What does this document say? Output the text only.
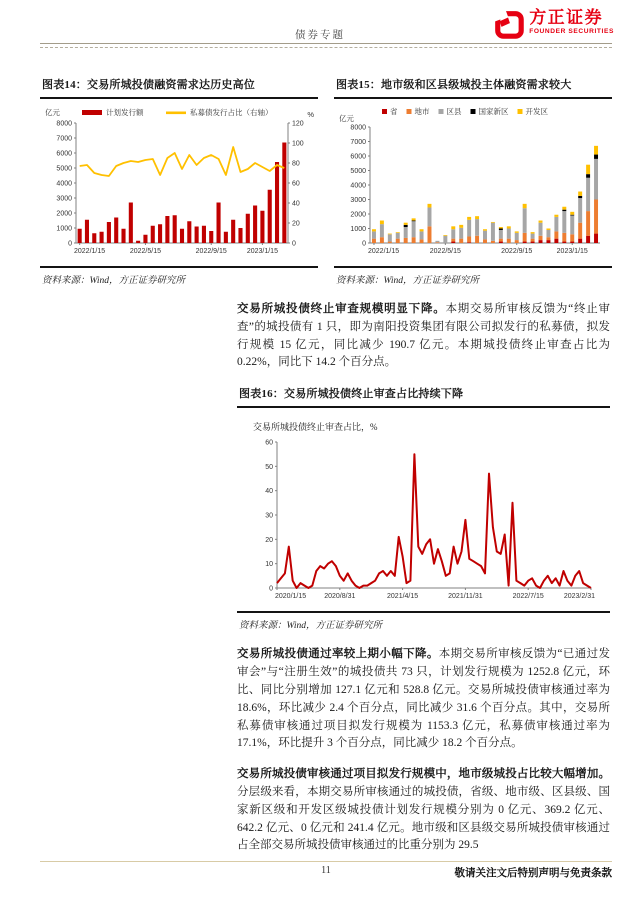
方正证券
FOUNDER SECURITIES
债券专题
图表14：交易所城投债融资需求达历史高位
亿元	计划发行额	私募债发行占比（右轴）	%
0
1000
2000
3000
4000
5000
6000
7000
8000
0
20
40
60
80
100
120
2022/1/15	2022/5/15	2022/9/15	2023/1/15
资料来源：Wind，方正证券研究所
图表15：地市级和区县级城投主体融资需求较大
省 地市 区县 国家新区 开发区
亿元
0
1000
2000
3000
4000
5000
6000
7000
8000
2022/1/15	2022/5/15	2022/9/15	2023/1/15
资料来源：Wind，方正证券研究所

交易所城投债终止审查规模明显下降。本期交易所审核反馈为“终止审查”的城投债有 1 只，即为南阳投资集团有限公司拟发行的私募债，拟发行规模 15 亿元，同比减少 190.7 亿元。本期城投债终止审查占比为 0.22%，同比下 14.2 个百分点。

图表16：交易所城投债终止审查占比持续下降
交易所城投债终止审查占比，%
0
10
20
30
40
50
60
2020/1/15	2020/8/31	2021/4/15	2021/11/31	2022/7/15	2023/2/31
资料来源：Wind，方正证券研究所

交易所城投债通过率较上期小幅下降。本期交易所审核反馈为“已通过发审会”与“注册生效”的城投债共 73 只，计划发行规模为 1252.8 亿元，环比、同比分别增加 127.1 亿元和 528.8 亿元。交易所城投债审核通过率为 18.6%，环比减少 2.4 个百分点，同比减少 31.6 个百分点。其中，交易所私募债审核通过项目拟发行规模为 1153.3 亿元，私募债审核通过率为 17.1%，环比提升 3 个百分点，同比减少 18.2 个百分点。

交易所城投债审核通过项目拟发行规模中，地市级城投占比较大幅增加。分层级来看，本期交易所审核通过的城投债，省级、地市级、区县级、国家新区级和开发区级城投债计划发行规模分别为 0 亿元、369.2 亿元、642.2 亿元、0 亿元和 241.4 亿元。地市级和区县级交易所城投债审核通过占全部交易所城投债审核通过的比重分别为 29.5

11	敬请关注文后特别声明与免责条款
